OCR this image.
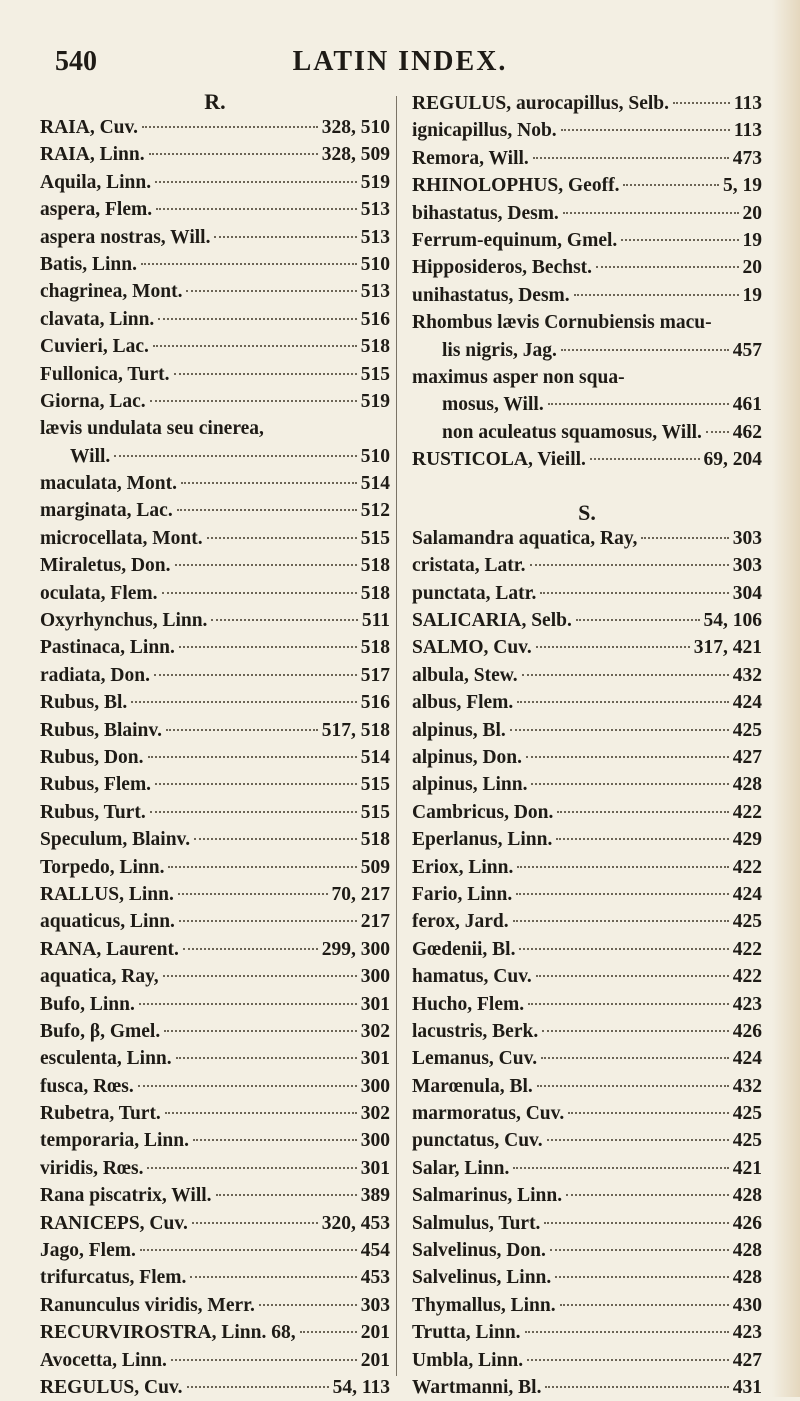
LATIN INDEX.
540
R.
RAIA, Cuv.	328, 510
RAIA, Linn.	328, 509
Aquila, Linn.	519
aspera, Flem.	513
aspera nostras, Will.	513
Batis, Linn.	510
chagrinea, Mont.	513
clavata, Linn.	516
Cuvieri, Lac.	518
Fullonica, Turt.	515
Giorna, Lac.	519
lævis undulata seu cinerea,
Will.	510
maculata, Mont.	514
marginata, Lac.	512
microcellata, Mont.	515
Miraletus, Don.	518
oculata, Flem.	518
Oxyrhynchus, Linn.	511
Pastinaca, Linn.	518
radiata, Don.	517
Rubus, Bl.	516
Rubus, Blainv.	517, 518
Rubus, Don.	514
Rubus, Flem.	515
Rubus, Turt.	515
Speculum, Blainv.	518
Torpedo, Linn.	509
RALLUS, Linn.	70, 217
aquaticus, Linn.	217
RANA, Laurent.	299, 300
aquatica, Ray,	300
Bufo, Linn.	301
Bufo, β, Gmel.	302
esculenta, Linn.	301
fusca, Rœs.	300
Rubetra, Turt.	302
temporaria, Linn.	300
viridis, Rœs.	301
Rana piscatrix, Will.	389
RANICEPS, Cuv.	320, 453
Jago, Flem.	454
trifurcatus, Flem.	453
Ranunculus viridis, Merr.	303
RECURVIROSTRA, Linn. 68,	201
Avocetta, Linn.	201
REGULUS, Cuv.	54, 113
REGULUS, aurocapillus, Selb.	113
ignicapillus, Nob.	113
Remora, Will.	473
RHINOLOPHUS, Geoff.	5, 19
bihastatus, Desm.	20
Ferrum-equinum, Gmel.	19
Hipposideros, Bechst.	20
unihastatus, Desm.	19
Rhombus lævis Cornubiensis macu-
lis nigris, Jag.	457
maximus asper non squa-
mosus, Will.	461
non aculeatus squamosus, Will. 462
RUSTICOLA, Vieill.	69, 204
S.
Salamandra aquatica, Ray,	303
cristata, Latr.	303
punctata, Latr.	304
SALICARIA, Selb.	54, 106
SALMO, Cuv.	317, 421
albula, Stew.	432
albus, Flem.	424
alpinus, Bl.	425
alpinus, Don.	427
alpinus, Linn.	428
Cambricus, Don.	422
Eperlanus, Linn.	429
Eriox, Linn.	422
Fario, Linn.	424
ferox, Jard.	425
Gœdenii, Bl.	422
hamatus, Cuv.	422
Hucho, Flem.	423
lacustris, Berk.	426
Lemanus, Cuv.	424
Marœnula, Bl.	432
marmoratus, Cuv.	425
punctatus, Cuv.	425
Salar, Linn.	421
Salmarinus, Linn.	428
Salmulus, Turt.	426
Salvelinus, Don.	428
Salvelinus, Linn.	428
Thymallus, Linn.	430
Trutta, Linn.	423
Umbla, Linn.	427
Wartmanni, Bl.	431
